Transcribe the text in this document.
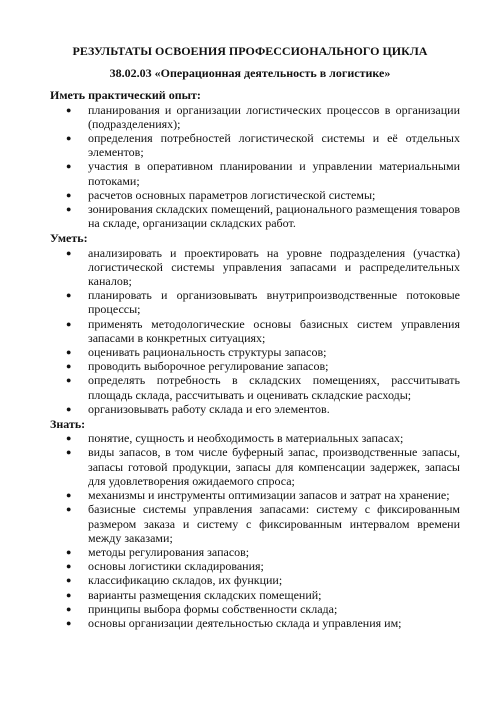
РЕЗУЛЬТАТЫ ОСВОЕНИЯ ПРОФЕССИОНАЛЬНОГО ЦИКЛА

38.02.03 «Операционная деятельность в логистике»

Иметь практический опыт:

●	планирования и организации логистических процессов в организации (подразделениях);
●	определения потребностей логистической системы и её отдельных элементов;
●	участия в оперативном планировании и управлении материальными потоками;
●	расчетов основных параметров логистической системы;
●	зонирования складских помещений, рационального размещения товаров на складе, организации складских работ.

Уметь:

●	анализировать и проектировать на уровне подразделения (участка) логистической системы управления запасами и распределительных каналов;
●	планировать и организовывать внутрипроизводственные потоковые процессы;
●	применять методологические основы базисных систем управления запасами в конкретных ситуациях;
●	оценивать рациональность структуры запасов;
●	проводить выборочное регулирование запасов;
●	определять потребность в складских помещениях, рассчитывать площадь склада, рассчитывать и оценивать складские расходы;
●	организовывать работу склада и его элементов.

Знать:

●	понятие, сущность и необходимость в материальных запасах;
●	виды запасов, в том числе буферный запас, производственные запасы, запасы готовой продукции, запасы для компенсации задержек, запасы для удовлетворения ожидаемого спроса;
●	механизмы и инструменты оптимизации запасов и затрат на хранение;
●	базисные системы управления запасами: систему с фиксированным размером заказа и систему с фиксированным интервалом времени между заказами;
●	методы регулирования запасов;
●	основы логистики складирования;
●	классификацию складов, их функции;
●	варианты размещения складских помещений;
●	принципы выбора формы собственности склада;
●	основы организации деятельностью склада и управления им;
